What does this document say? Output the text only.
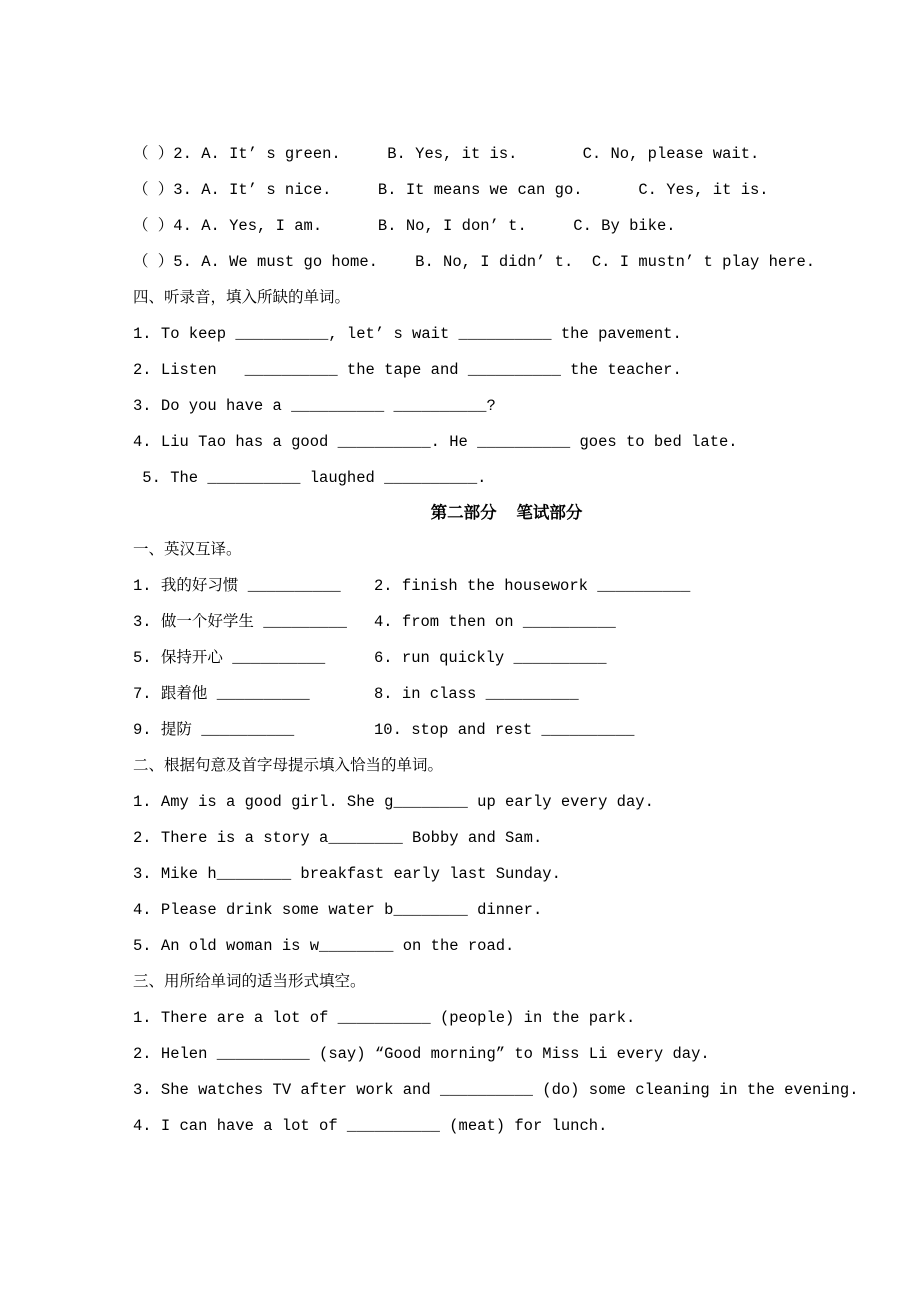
（ ）2. A. It’ s green.     B. Yes, it is.       C. No, please wait.

（ ）3. A. It’ s nice.     B. It means we can go.      C. Yes, it is.

（ ）4. A. Yes, I am.      B. No, I don’ t.     C. By bike.

（ ）5. A. We must go home.    B. No, I didn’ t.  C. I mustn’ t play here.

四、听录音，填入所缺的单词。

1. To keep __________, let’ s wait __________ the pavement.

2. Listen   __________ the tape and __________ the teacher.

3. Do you have a __________ __________?

4. Liu Tao has a good __________. He __________ goes to bed late.

5. The __________ laughed __________.

第二部分  笔试部分

一、英汉互译。

1. 我的好习惯 __________	2. finish the housework __________

3. 做一个好学生 _________	4. from then on __________

5. 保持开心 __________	6. run quickly __________

7. 跟着他 __________	8. in class __________

9. 提防 __________	10. stop and rest __________

二、根据句意及首字母提示填入恰当的单词。

1. Amy is a good girl. She g________ up early every day.

2. There is a story a________ Bobby and Sam.

3. Mike h________ breakfast early last Sunday.

4. Please drink some water b________ dinner.

5. An old woman is w________ on the road.

三、用所给单词的适当形式填空。

1. There are a lot of __________ (people) in the park.

2. Helen __________ (say) “Good morning” to Miss Li every day.

3. She watches TV after work and __________ (do) some cleaning in the evening.

4. I can have a lot of __________ (meat) for lunch.
